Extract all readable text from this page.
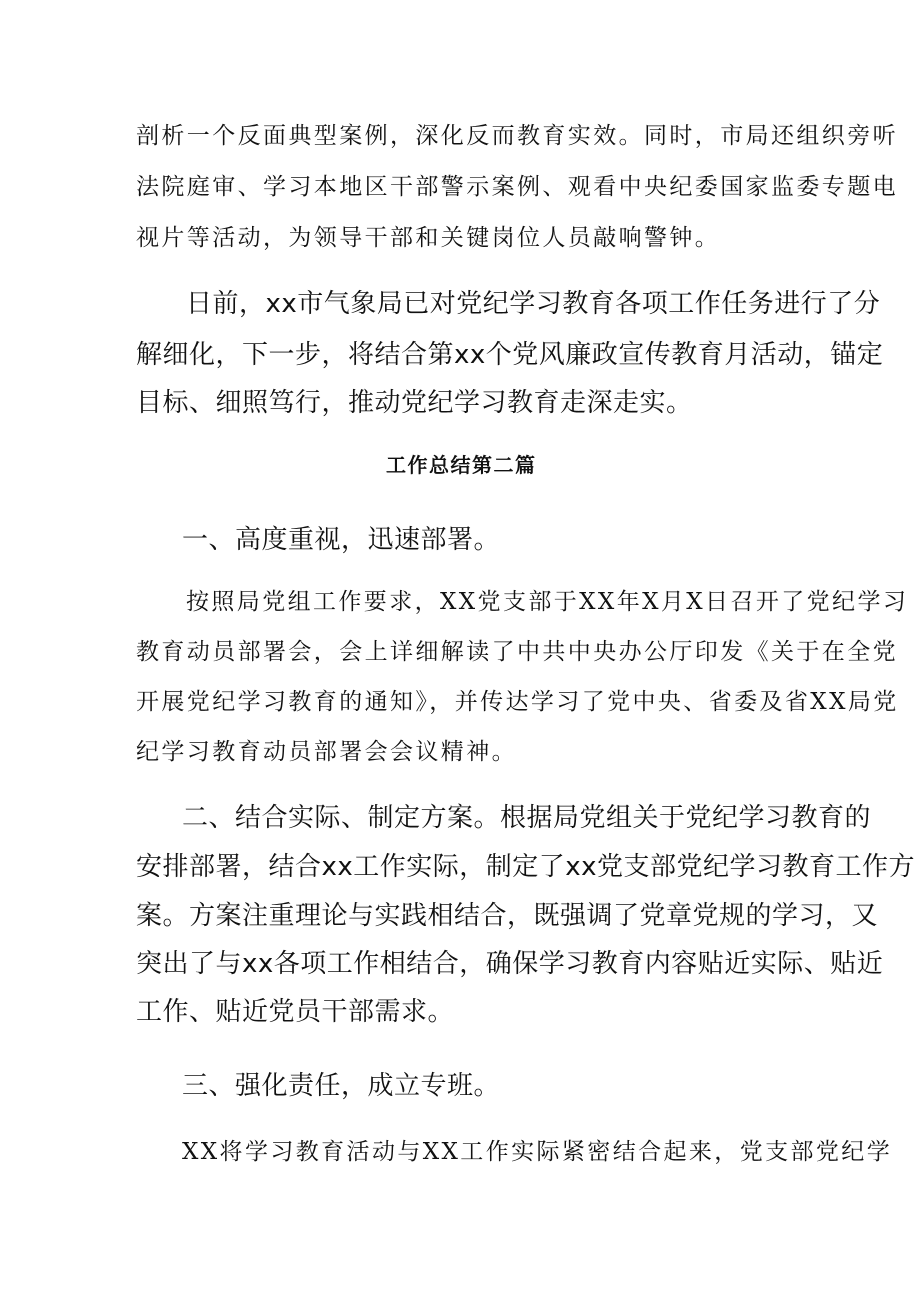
剖析一个反面典型案例，深化反而教育实效。同时，市局还组织旁听

法院庭审、学习本地区干部警示案例、观看中央纪委国家监委专题电

视片等活动，为领导干部和关键岗位人员敲响警钟。

日前，xx市气象局已对党纪学习教育各项工作任务进行了分

解细化，下一步，将结合第xx个党风廉政宣传教育月活动，锚定

目标、细照笃行，推动党纪学习教育走深走实。

工作总结第二篇

一、高度重视，迅速部署。

按照局党组工作要求，XX党支部于XX年X月X日召开了党纪学习

教育动员部署会，会上详细解读了中共中央办公厅印发《关于在全党

开展党纪学习教育的通知》，并传达学习了党中央、省委及省XX局党

纪学习教育动员部署会会议精神。

二、结合实际、制定方案。根据局党组关于党纪学习教育的

安排部署，结合xx工作实际，制定了xx党支部党纪学习教育工作方

案。方案注重理论与实践相结合，既强调了党章党规的学习，又

突出了与xx各项工作相结合，确保学习教育内容贴近实际、贴近

工作、贴近党员干部需求。

三、强化责任，成立专班。

XX将学习教育活动与XX工作实际紧密结合起来，党支部党纪学
